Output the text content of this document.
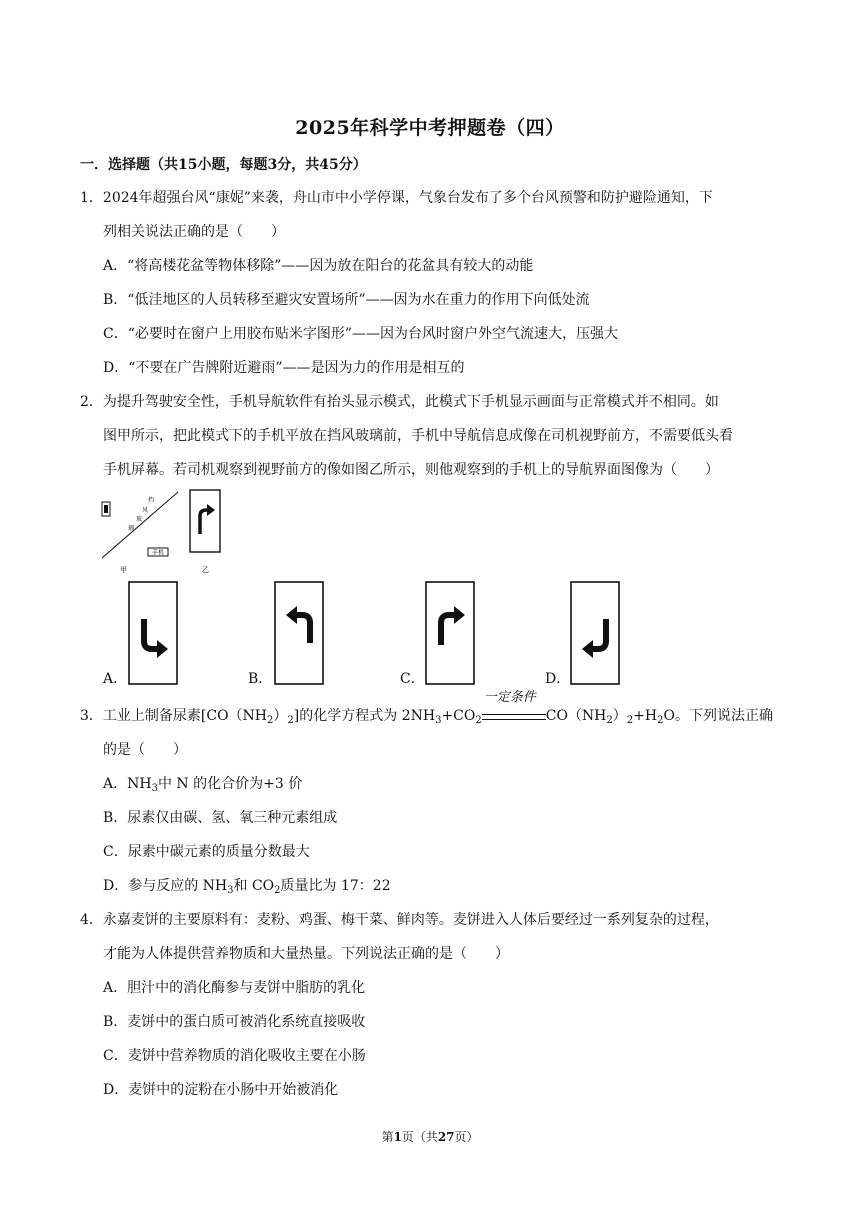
2025年科学中考押题卷（四）
一．选择题（共15小题，每题3分，共45分）
1．2024年超强台风“康妮”来袭，舟山市中小学停课，气象台发布了多个台风预警和防护避险通知，下
列相关说法正确的是（　　）
A．“将高楼花盆等物体移除”——因为放在阳台的花盆具有较大的动能
B．“低洼地区的人员转移至避灾安置场所”——因为水在重力的作用下向低处流
C．“必要时在窗户上用胶布贴米字图形”——因为台风时窗户外空气流速大，压强大
D．“不要在广告牌附近避雨”——是因为力的作用是相互的
2．为提升驾驶安全性，手机导航软件有抬头显示模式，此模式下手机显示画面与正常模式并不相同。如
图甲所示，把此模式下的手机平放在挡风玻璃前，手机中导航信息成像在司机视野前方，不需要低头看
手机屏幕。若司机观察到视野前方的像如图乙所示，则他观察到的手机上的导航界面图像为（　　）
手机
挡
风
玻
璃
甲	乙
A．	B．	C．	D．
3．工业上制备尿素$[CO(NH_2)_2]$的化学方程式为 $2NH_3+CO_2$
一定条件
$CO(NH_2)_2+H_2O$。下列说法正确
的是（　　）
A．$NH_3$中 N 的化合价为+3 价
B．尿素仅由碳、氢、氧三种元素组成
C．尿素中碳元素的质量分数最大
D．参与反应的 $NH_3$和 $CO_2$质量比为 17：22
4．永嘉麦饼的主要原料有：麦粉、鸡蛋、梅干菜、鲜肉等。麦饼进入人体后要经过一系列复杂的过程，
才能为人体提供营养物质和大量热量。下列说法正确的是（　　）
A．胆汁中的消化酶参与麦饼中脂肪的乳化
B．麦饼中的蛋白质可被消化系统直接吸收
C．麦饼中营养物质的消化吸收主要在小肠
D．麦饼中的淀粉在小肠中开始被消化
第1页（共27页）
